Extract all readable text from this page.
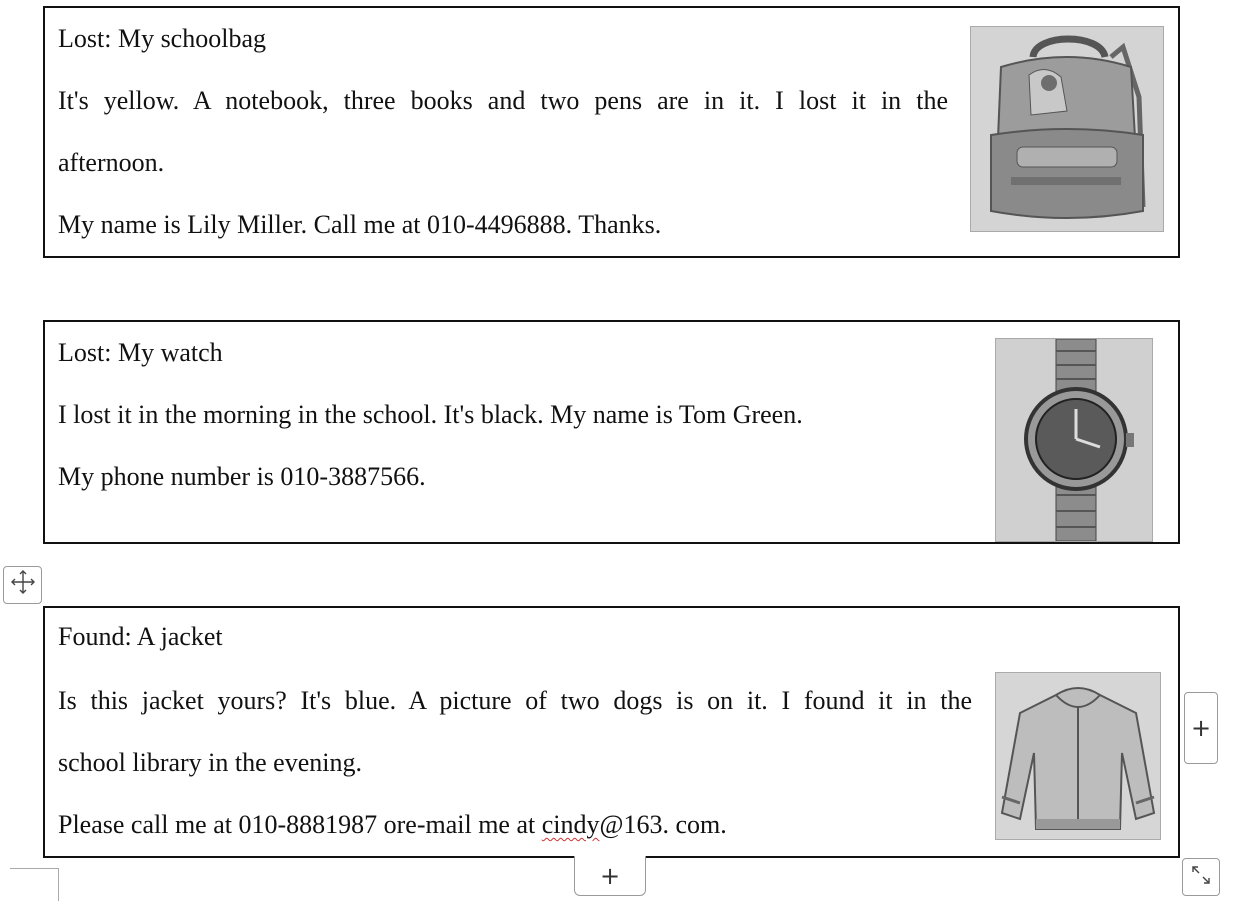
Lost: My schoolbag
It's yellow. A notebook, three books and two pens are in it. I lost it in the
afternoon.
My name is Lily Miller. Call me at 010-4496888. Thanks.
Lost: My watch
I lost it in the morning in the school. It's black. My name is Tom Green.
My phone number is 010-3887566.
Found: A jacket
Is this jacket yours? It's blue. A picture of two dogs is on it. I found it in the
school library in the evening.
Please call me at 010-8881987 ore-mail me at cindy@163. com.
+
+
